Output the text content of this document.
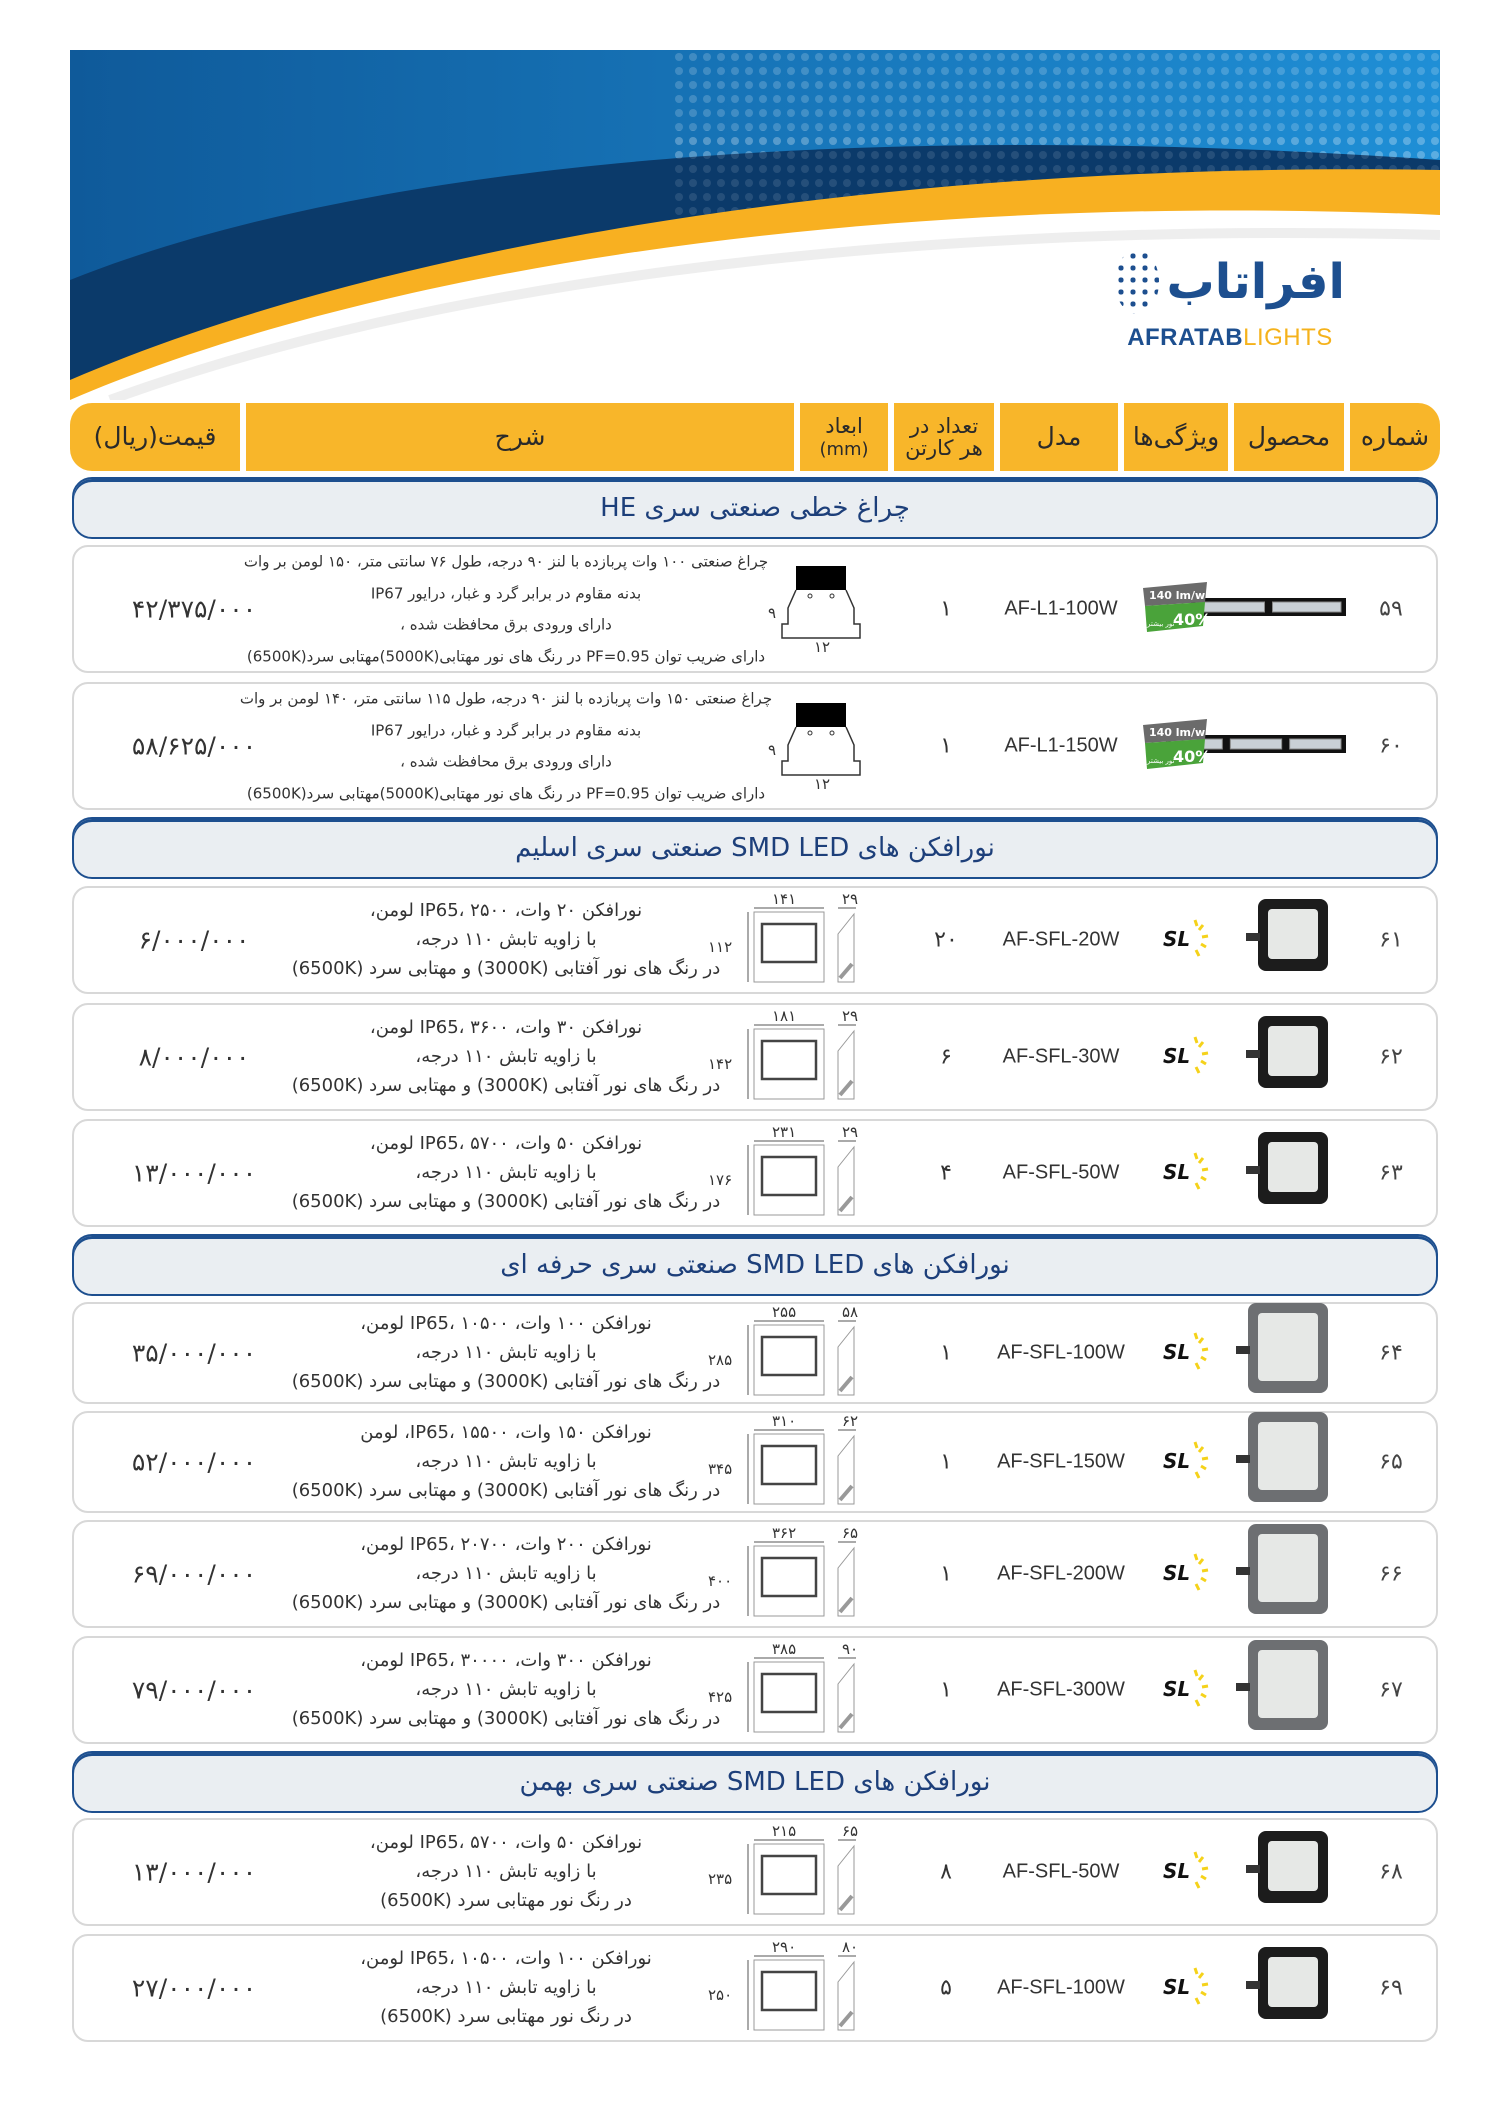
افراتاب
AFRATABLIGHTS
شماره
محصول
ویژگی‌ها
مدل
تعداد در
هر کارتن
ابعاد
(mm)
شرح
قیمت(ریال)
چراغ خطی صنعتی سری HE
۵۹
140 lm/w
40%
نور بیشتر
AF-L1-100W
۱
۹
۱۲
چراغ صنعتی ۱۰۰ وات پربازده با لنز ۹۰ درجه، طول ۷۶ سانتی متر، ۱۵۰ لومن بر وات
بدنه مقاوم در برابر گرد و غبار، درایور IP67
دارای ورودی برق محافظت شده ،
دارای ضریب توان PF=0.95 در رنگ های نور مهتابی(5000K)مهتابی سرد(6500K)
۴۲/۳۷۵/۰۰۰
۶۰
140 lm/w
40%
نور بیشتر
AF-L1-150W
۱
۹
۱۲
چراغ صنعتی ۱۵۰ وات پربازده با لنز ۹۰ درجه، طول ۱۱۵ سانتی متر، ۱۴۰ لومن بر وات
بدنه مقاوم در برابر گرد و غبار، درایور IP67
دارای ورودی برق محافظت شده ،
دارای ضریب توان PF=0.95 در رنگ های نور مهتابی(5000K)مهتابی سرد(6500K)
۵۸/۶۲۵/۰۰۰
نورافکن های SMD LED صنعتی سری اسلیم
۶۱
SL
AF-SFL-20W
۲۰
۱۴۱
۱۱۲
۲۹
نورافکن ۲۰ وات، IP65، ۲۵۰۰ لومن،
با زاویه تابش ۱۱۰ درجه،
در رنگ های نور آفتابی (3000K) و مهتابی سرد (6500K)
۶/۰۰۰/۰۰۰
۶۲
SL
AF-SFL-30W
۶
۱۸۱
۱۴۲
۲۹
نورافکن ۳۰ وات، IP65، ۳۶۰۰ لومن،
با زاویه تابش ۱۱۰ درجه،
در رنگ های نور آفتابی (3000K) و مهتابی سرد (6500K)
۸/۰۰۰/۰۰۰
۶۳
SL
AF-SFL-50W
۴
۲۳۱
۱۷۶
۲۹
نورافکن ۵۰ وات، IP65، ۵۷۰۰ لومن،
با زاویه تابش ۱۱۰ درجه،
در رنگ های نور آفتابی (3000K) و مهتابی سرد (6500K)
۱۳/۰۰۰/۰۰۰
نورافکن های SMD LED صنعتی سری حرفه ای
۶۴
SL
AF-SFL-100W
۱
۲۵۵
۲۸۵
۵۸
نورافکن ۱۰۰ وات، IP65، ۱۰۵۰۰ لومن،
با زاویه تابش ۱۱۰ درجه،
در رنگ های نور آفتابی (3000K) و مهتابی سرد (6500K)
۳۵/۰۰۰/۰۰۰
۶۵
SL
AF-SFL-150W
۱
۳۱۰
۳۴۵
۶۲
نورافکن ۱۵۰ وات، IP65، ۱۵۵۰۰، لومن
با زاویه تابش ۱۱۰ درجه،
در رنگ های نور آفتابی (3000K) و مهتابی سرد (6500K)
۵۲/۰۰۰/۰۰۰
۶۶
SL
AF-SFL-200W
۱
۳۶۲
۴۰۰
۶۵
نورافکن ۲۰۰ وات، IP65، ۲۰۷۰۰ لومن،
با زاویه تابش ۱۱۰ درجه،
در رنگ های نور آفتابی (3000K) و مهتابی سرد (6500K)
۶۹/۰۰۰/۰۰۰
۶۷
SL
AF-SFL-300W
۱
۳۸۵
۴۲۵
۹۰
نورافکن ۳۰۰ وات، IP65، ۳۰۰۰۰ لومن،
با زاویه تابش ۱۱۰ درجه،
در رنگ های نور آفتابی (3000K) و مهتابی سرد (6500K)
۷۹/۰۰۰/۰۰۰
نورافکن های SMD LED صنعتی سری بهمن
۶۸
SL
AF-SFL-50W
۸
۲۱۵
۲۳۵
۶۵
نورافکن ۵۰ وات، IP65، ۵۷۰۰ لومن،
با زاویه تابش ۱۱۰ درجه،
در رنگ نور مهتابی سرد (6500K)
۱۳/۰۰۰/۰۰۰
۶۹
SL
AF-SFL-100W
۵
۲۹۰
۲۵۰
۸۰
نورافکن ۱۰۰ وات، IP65، ۱۰۵۰۰ لومن،
با زاویه تابش ۱۱۰ درجه،
در رنگ نور مهتابی سرد (6500K)
۲۷/۰۰۰/۰۰۰
